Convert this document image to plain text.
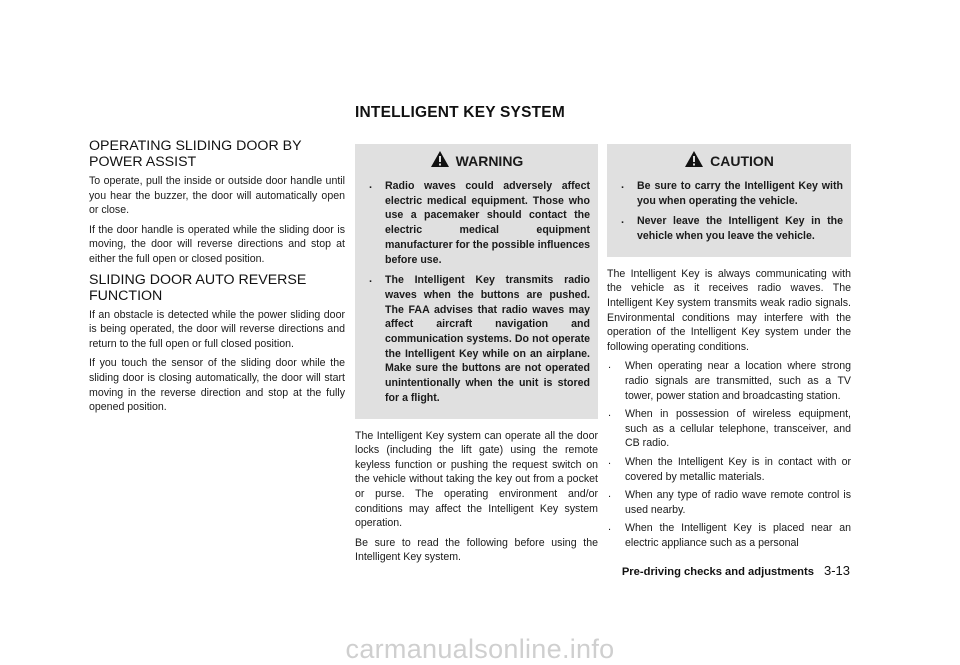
INTELLIGENT KEY SYSTEM
OPERATING SLIDING DOOR BY POWER ASSIST

To operate, pull the inside or outside door handle until you hear the buzzer, the door will automatically open or close.

If the door handle is operated while the sliding door is moving, the door will reverse directions and stop at either the full open or closed position.

SLIDING DOOR AUTO REVERSE FUNCTION

If an obstacle is detected while the power sliding door is being operated, the door will reverse directions and return to the full open or full closed position.

If you touch the sensor of the sliding door while the sliding door is closing automatically, the door will start moving in the reverse direction and stop at the fully opened position.

WARNING
.	Radio waves could adversely affect electric medical equipment. Those who use a pacemaker should contact the electric medical equipment manufacturer for the possible influences before use.
.	The Intelligent Key transmits radio waves when the buttons are pushed. The FAA advises that radio waves may affect aircraft navigation and communication systems. Do not operate the Intelligent Key while on an airplane. Make sure the buttons are not operated unintentionally when the unit is stored for a flight.

The Intelligent Key system can operate all the door locks (including the lift gate) using the remote keyless function or pushing the request switch on the vehicle without taking the key out from a pocket or purse. The operating environment and/or conditions may affect the Intelligent Key system operation.

Be sure to read the following before using the Intelligent Key system.

CAUTION
.	Be sure to carry the Intelligent Key with you when operating the vehicle.
.	Never leave the Intelligent Key in the vehicle when you leave the vehicle.

The Intelligent Key is always communicating with the vehicle as it receives radio waves. The Intelligent Key system transmits weak radio signals. Environmental conditions may interfere with the operation of the Intelligent Key system under the following operating conditions.

.	When operating near a location where strong radio signals are transmitted, such as a TV tower, power station and broadcasting station.
.	When in possession of wireless equipment, such as a cellular telephone, transceiver, and CB radio.
.	When the Intelligent Key is in contact with or covered by metallic materials.
.	When any type of radio wave remote control is used nearby.
.	When the Intelligent Key is placed near an electric appliance such as a personal
Pre-driving checks and adjustments 3-13
carmanualsonline.info
